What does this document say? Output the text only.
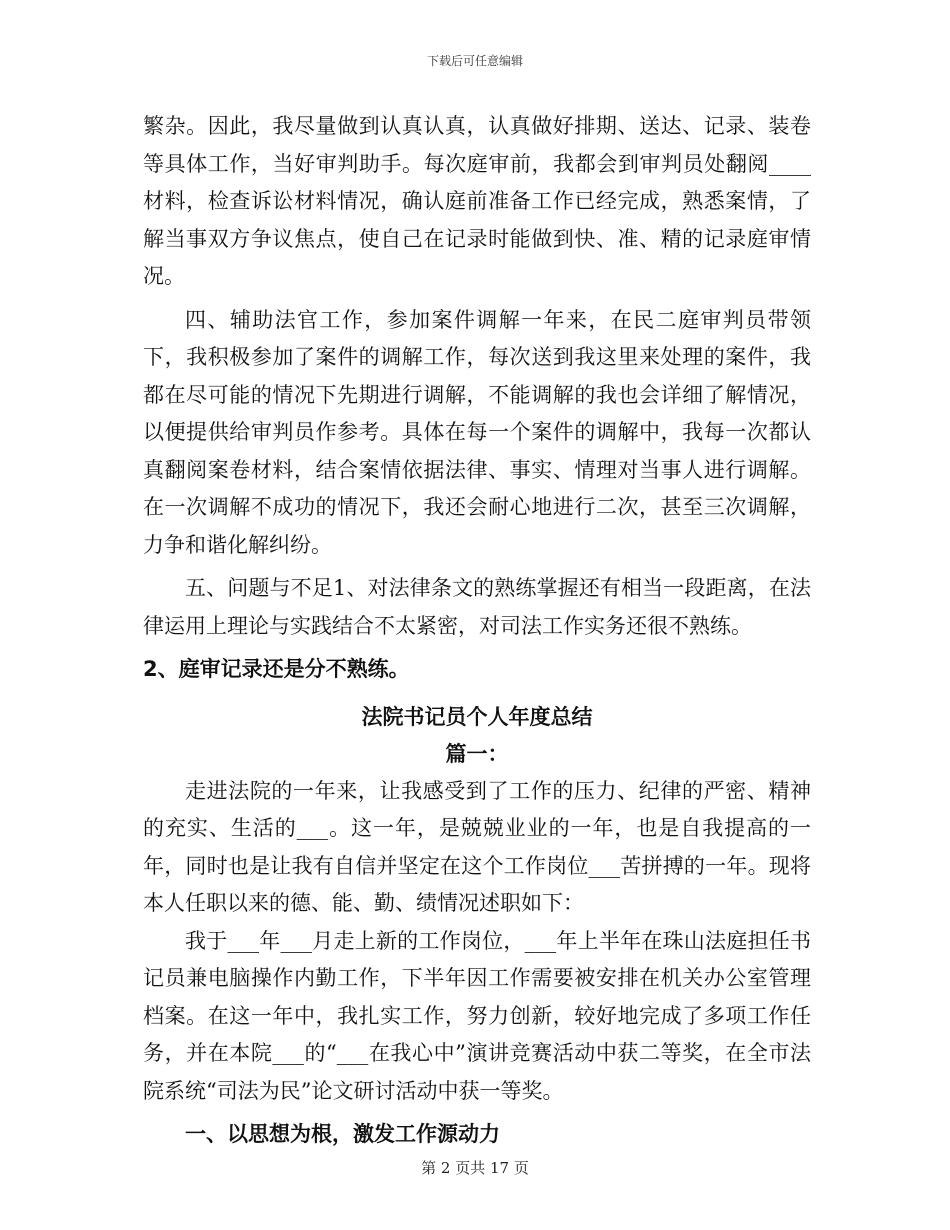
下载后可任意编辑

繁杂。因此，我尽量做到认真认真，认真做好排期、送达、记录、装卷等具体工作，当好审判助手。每次庭审前，我都会到审判员处翻阅____材料，检查诉讼材料情况，确认庭前准备工作已经完成，熟悉案情，了解当事双方争议焦点，使自己在记录时能做到快、准、精的记录庭审情况。

四、辅助法官工作，参加案件调解一年来，在民二庭审判员带领下，我积极参加了案件的调解工作，每次送到我这里来处理的案件，我都在尽可能的情况下先期进行调解，不能调解的我也会详细了解情况，以便提供给审判员作参考。具体在每一个案件的调解中，我每一次都认真翻阅案卷材料，结合案情依据法律、事实、情理对当事人进行调解。在一次调解不成功的情况下，我还会耐心地进行二次，甚至三次调解，力争和谐化解纠纷。

五、问题与不足1、对法律条文的熟练掌握还有相当一段距离，在法律运用上理论与实践结合不太紧密，对司法工作实务还很不熟练。

2、庭审记录还是分不熟练。

法院书记员个人年度总结
篇一：

走进法院的一年来，让我感受到了工作的压力、纪律的严密、精神的充实、生活的___。这一年，是兢兢业业的一年，也是自我提高的一年，同时也是让我有自信并坚定在这个工作岗位___苦拼搏的一年。现将本人任职以来的德、能、勤、绩情况述职如下：

我于___年___月走上新的工作岗位，___年上半年在珠山法庭担任书记员兼电脑操作内勤工作，下半年因工作需要被安排在机关办公室管理档案。在这一年中，我扎实工作，努力创新，较好地完成了多项工作任务，并在本院___的“___在我心中”演讲竞赛活动中获二等奖，在全市法院系统“司法为民”论文研讨活动中获一等奖。

一、以思想为根，激发工作源动力
第 2 页共 17 页
